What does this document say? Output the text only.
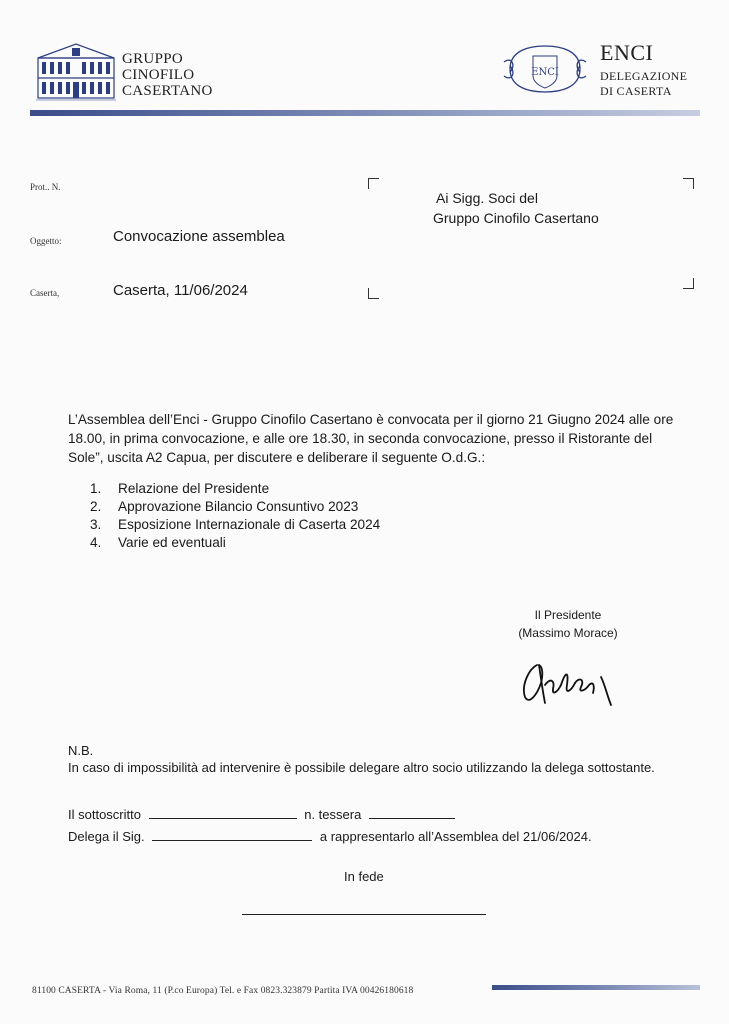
GRUPPO
CINOFILO
CASERTANO
ENCI
ENCI
DELEGAZIONE
DI CASERTA
Prot.. N.
Oggetto:	Convocazione assemblea
Caserta,	Caserta, 11/06/2024
Ai Sigg. Soci del
Gruppo Cinofilo Casertano
L’Assemblea dell’Enci - Gruppo Cinofilo Casertano è convocata per il giorno 21 Giugno 2024 alle ore 18.00, in prima convocazione, e alle ore 18.30, in seconda convocazione, presso il Ristorante del Sole”, uscita A2 Capua, per discutere e deliberare il seguente O.d.G.:
1.	Relazione del Presidente
2.	Approvazione Bilancio Consuntivo 2023
3.	Esposizione Internazionale di Caserta 2024
4.	Varie ed eventuali
Il Presidente
(Massimo Morace)
N.B.
In caso di impossibilità ad intervenire è possibile delegare altro socio utilizzando la delega sottostante.
Il sottoscritto	n. tessera
Delega il Sig.	a rappresentarlo all’Assemblea del 21/06/2024.
In fede
81100 CASERTA - Via Roma, 11 (P.co Europa) Tel. e Fax 0823.323879 Partita IVA 00426180618
